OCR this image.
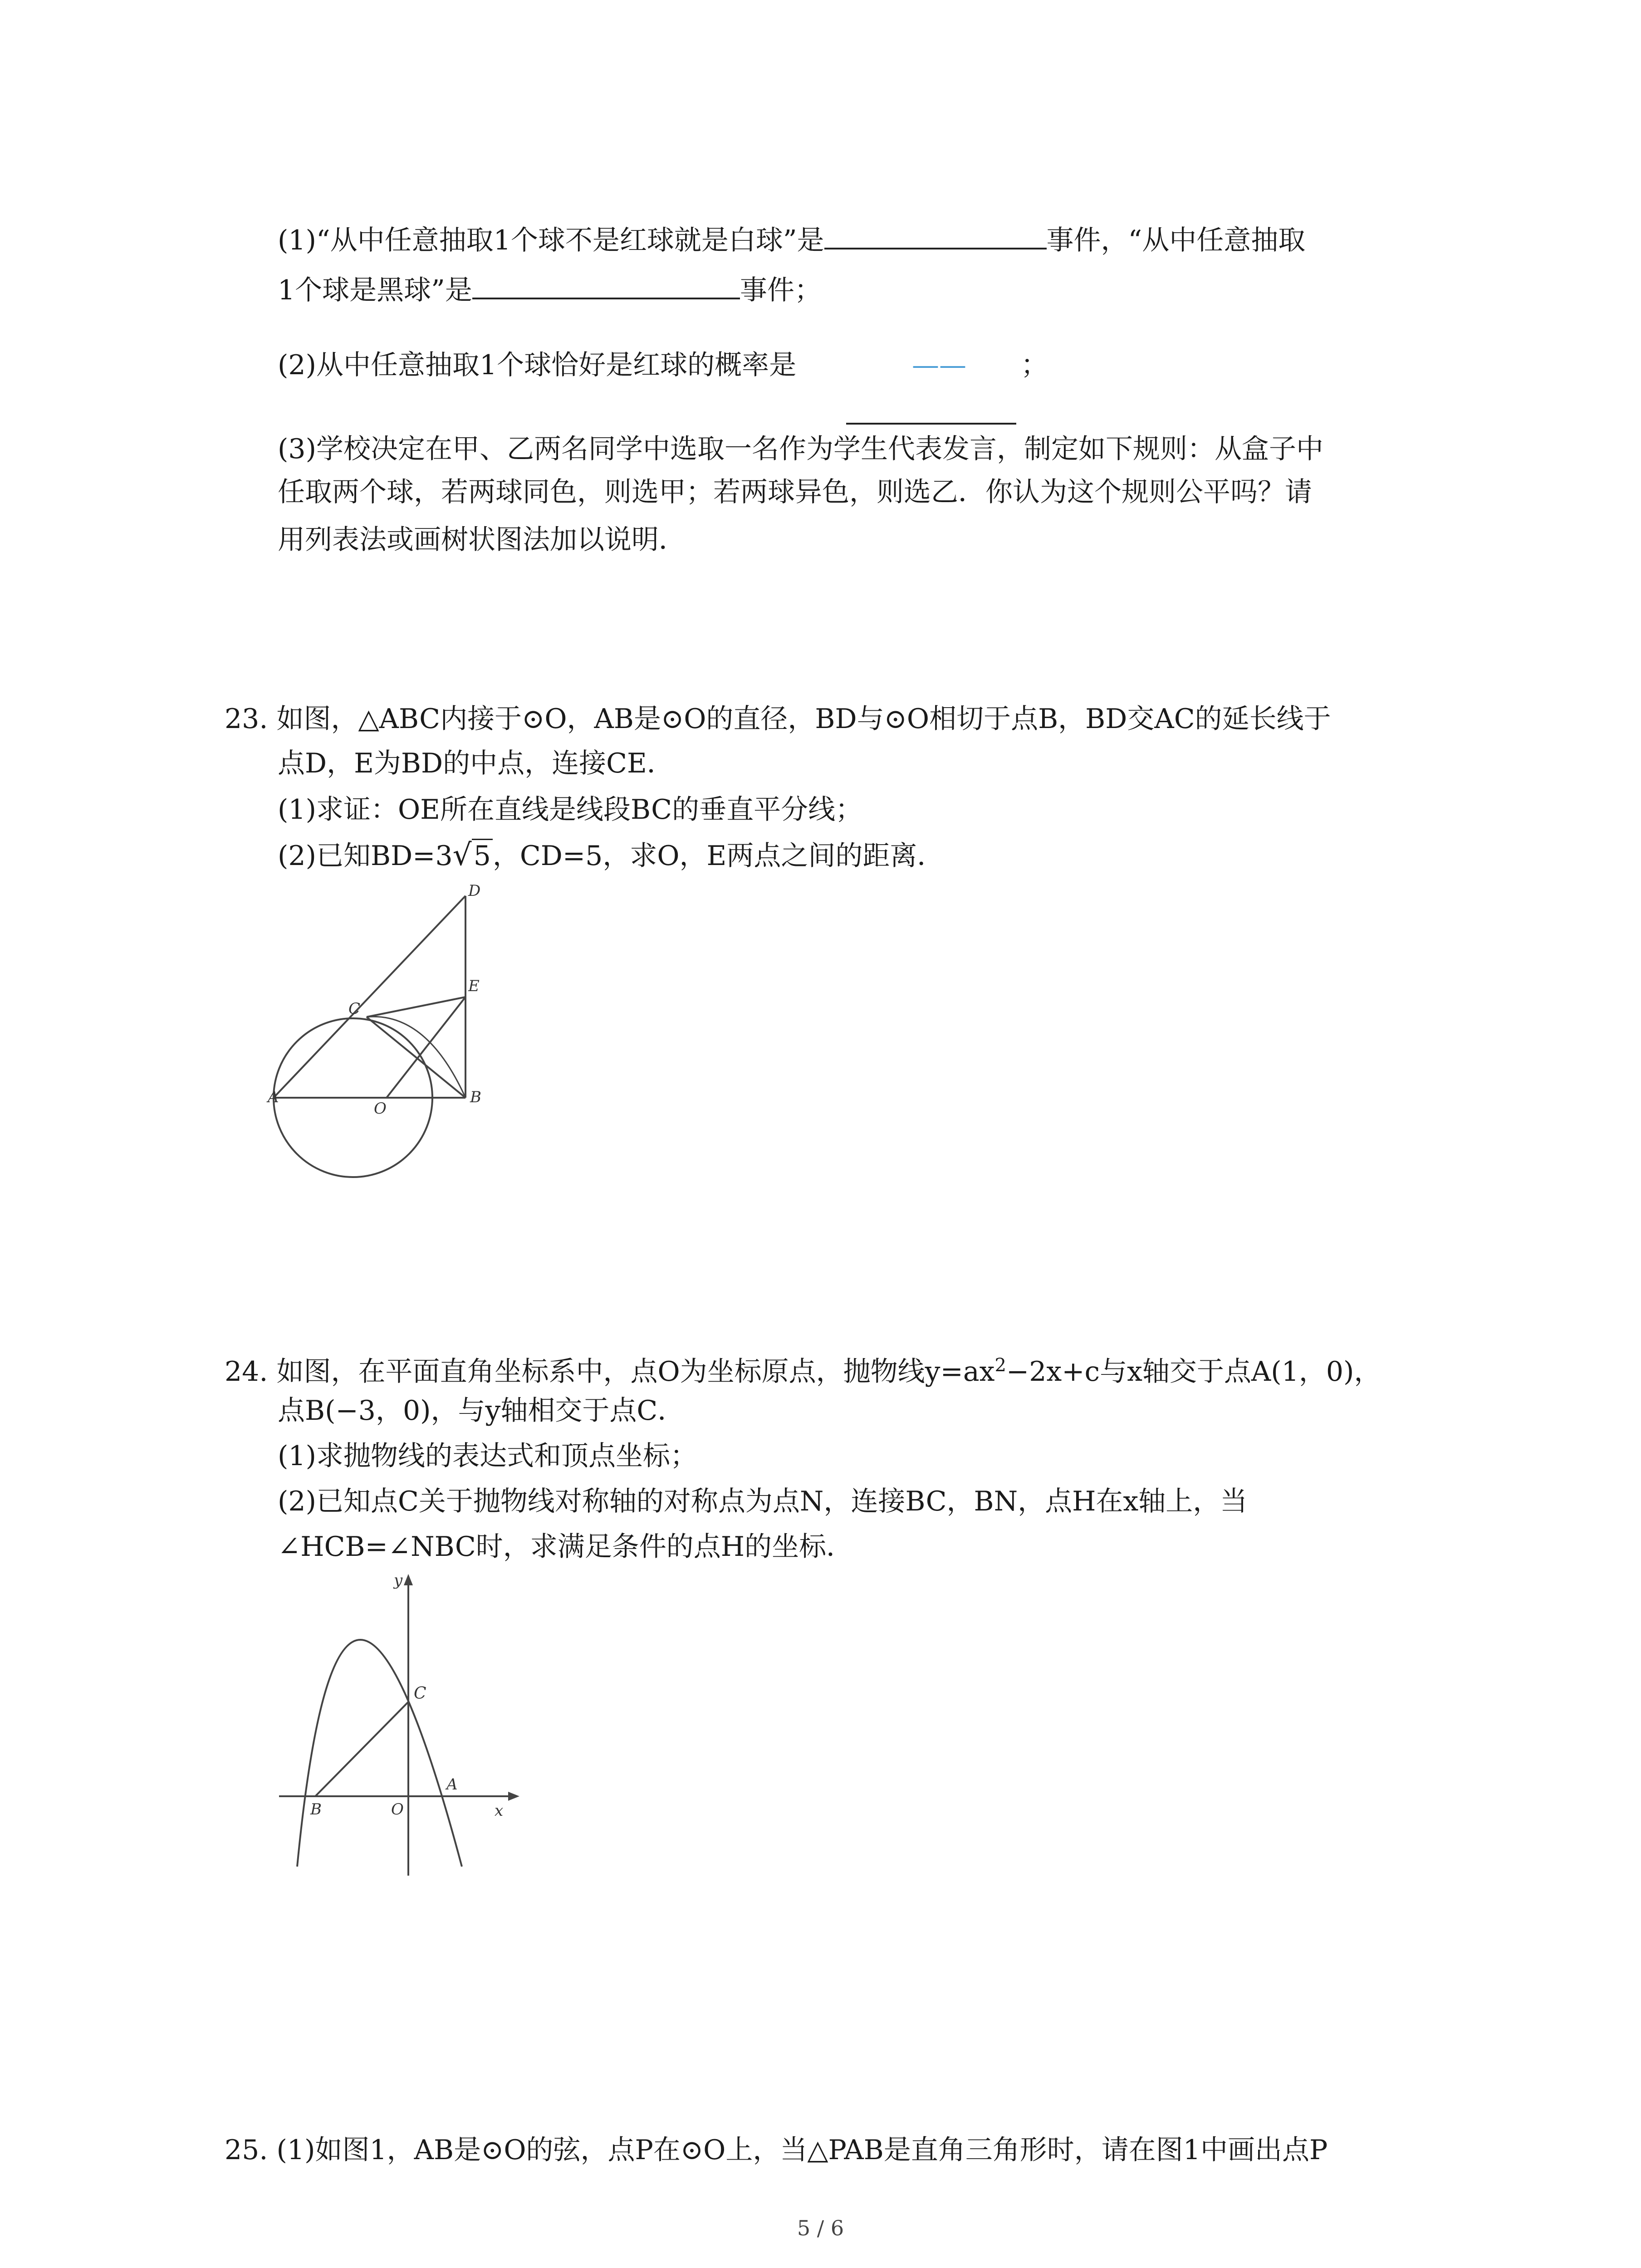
(1)“从中任意抽取1个球不是红球就是白球”是	事件，“从中任意抽取
1个球是黑球”是	事件；
(2)从中任意抽取1个球恰好是红球的概率是	—— ；
(3)学校决定在甲、乙两名同学中选取一名作为学生代表发言，制定如下规则：从盒子中
任取两个球，若两球同色，则选甲；若两球异色，则选乙．你认为这个规则公平吗？请
用列表法或画树状图法加以说明．
23. 如图，△ABC内接于⊙O，AB是⊙O的直径，BD与⊙O相切于点B，BD交AC的延长线于
点D，E为BD的中点，连接CE．
(1)求证：OE所在直线是线段BC的垂直平分线；
(2)已知BD=3√5，CD=5，求O，E两点之间的距离．
A	B
C
D
E
O
24. 如图，在平面直角坐标系中，点O为坐标原点，抛物线$y=ax^2-2x+c$与x轴交于点A(1，0)，
点B(−3，0)，与y轴相交于点C．
(1)求抛物线的表达式和顶点坐标；
(2)已知点C关于抛物线对称轴的对称点为点N，连接BC，BN，点H在x轴上，当
∠HCB=∠NBC时，求满足条件的点H的坐标．
y
x
C
A
B	O
25. (1)如图1，AB是⊙O的弦，点P在⊙O上，当△PAB是直角三角形时，请在图1中画出点P
5 / 6
